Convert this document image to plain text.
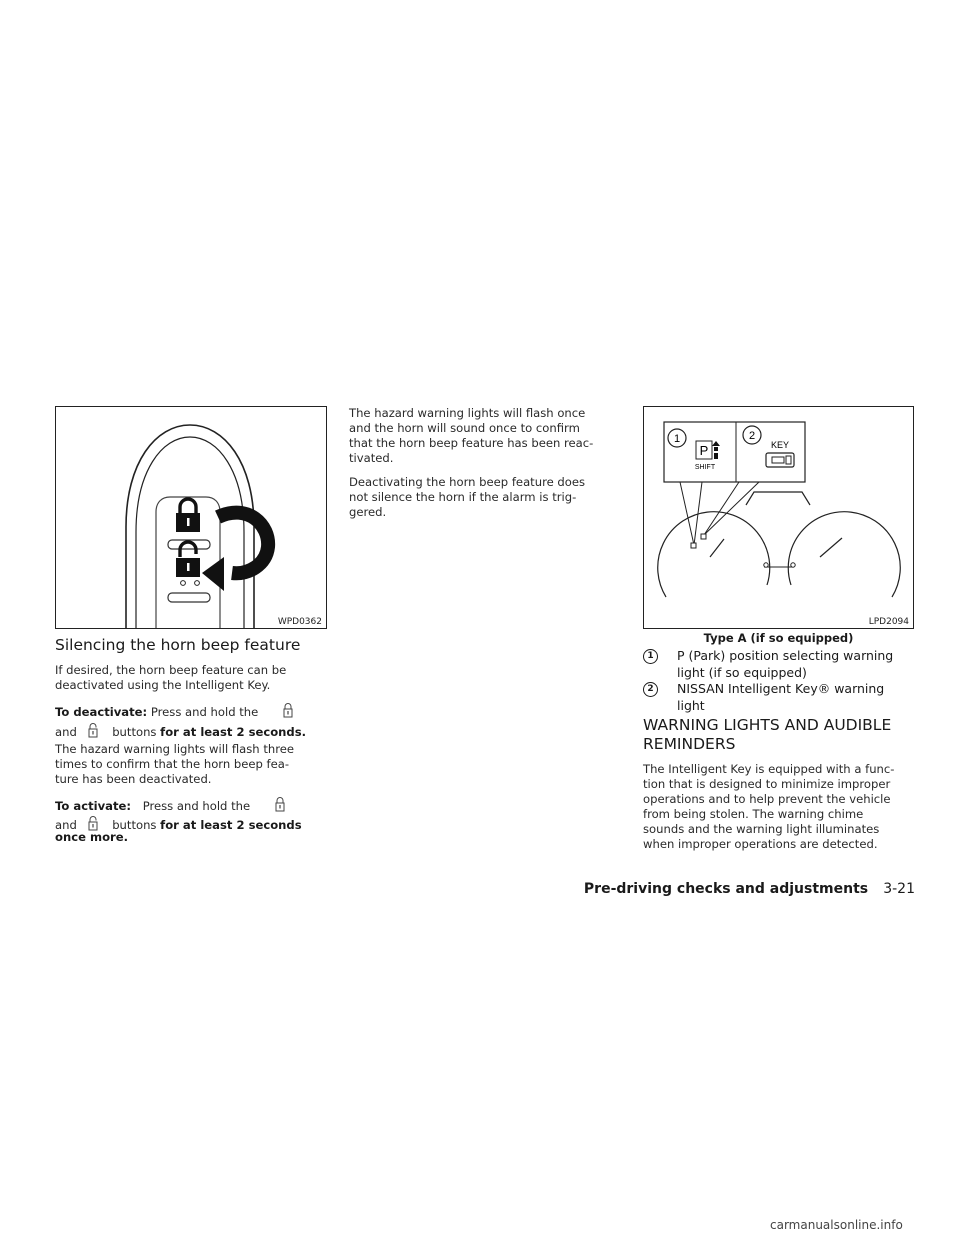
WPD0362
Silencing the horn beep feature
If desired, the horn beep feature can be
deactivated using the Intelligent Key.
To deactivate: Press and hold the
and	buttons for at least 2 seconds.
The hazard warning lights will flash three
times to confirm that the horn beep fea-
ture has been deactivated.
To activate: Press and hold the
and	buttons for at least 2 seconds
once more.
The hazard warning lights will flash once
and the horn will sound once to confirm
that the horn beep feature has been reac-
tivated.
Deactivating the horn beep feature does
not silence the horn if the alarm is trig-
gered.
1
P
SHIFT
2
KEY
LPD2094
Type A (if so equipped)
1	P (Park) position selecting warning
light (if so equipped)
2	NISSAN Intelligent Key® warning
light
WARNING LIGHTS AND AUDIBLE
REMINDERS
The Intelligent Key is equipped with a func-
tion that is designed to minimize improper
operations and to help prevent the vehicle
from being stolen. The warning chime
sounds and the warning light illuminates
when improper operations are detected.
Pre-driving checks and adjustments 3-21
carmanualsonline.info
